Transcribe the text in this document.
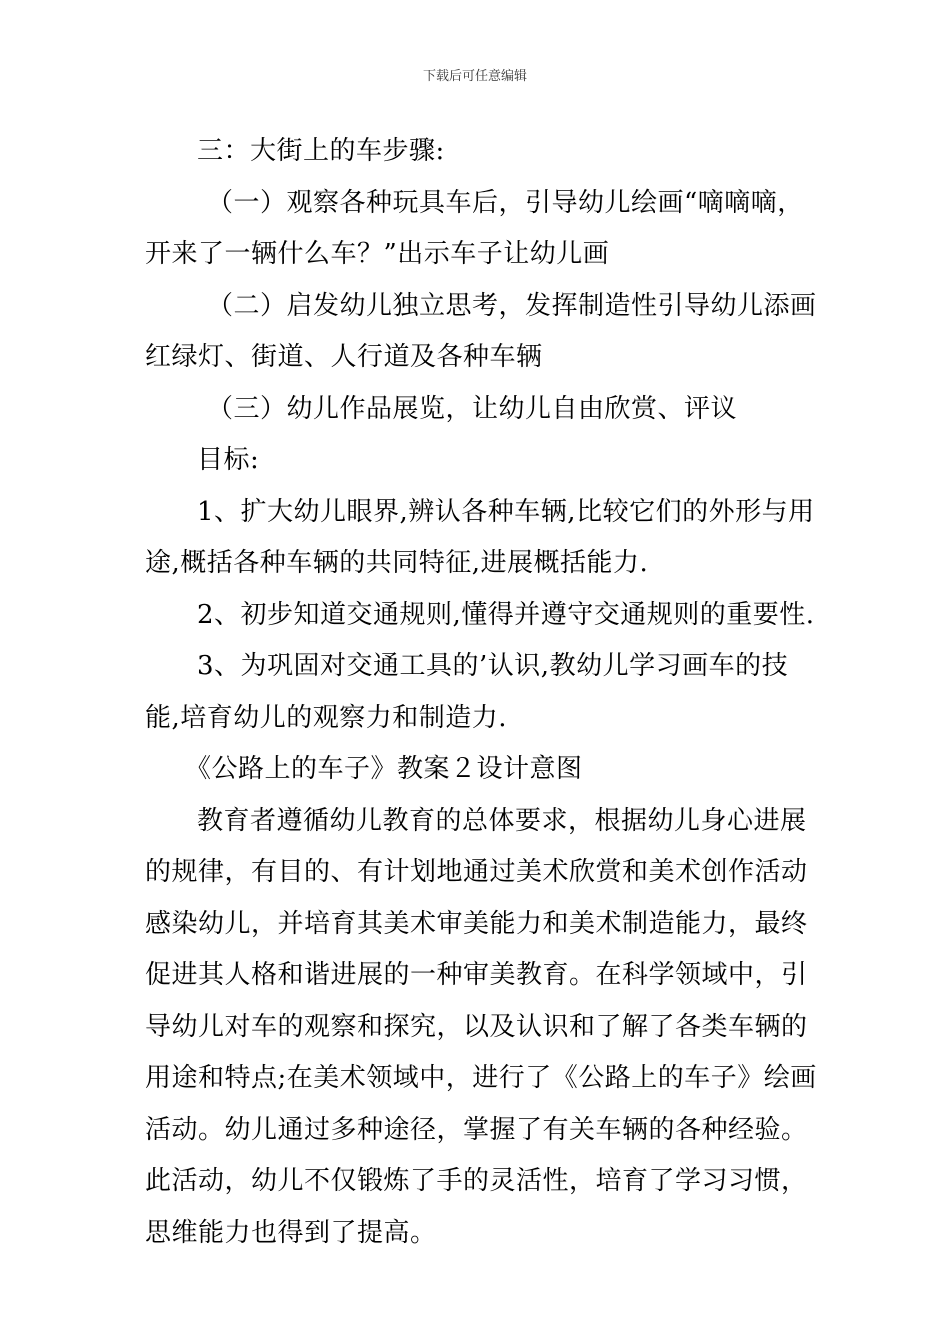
下载后可任意编辑
三：大街上的车步骤:
（一）观察各种玩具车后，引导幼儿绘画“嘀嘀嘀，
开来了一辆什么车？”出示车子让幼儿画
（二）启发幼儿独立思考，发挥制造性引导幼儿添画
红绿灯、街道、人行道及各种车辆
（三）幼儿作品展览，让幼儿自由欣赏、评议
目标:
1、扩大幼儿眼界,辨认各种车辆,比较它们的外形与用
途,概括各种车辆的共同特征,进展概括能力.
2、初步知道交通规则,懂得并遵守交通规则的重要性.
3、为巩固对交通工具的’认识,教幼儿学习画车的技
能,培育幼儿的观察力和制造力.
《公路上的车子》教案２设计意图
教育者遵循幼儿教育的总体要求，根据幼儿身心进展
的规律，有目的、有计划地通过美术欣赏和美术创作活动
感染幼儿，并培育其美术审美能力和美术制造能力，最终
促进其人格和谐进展的一种审美教育。在科学领域中，引
导幼儿对车的观察和探究，以及认识和了解了各类车辆的
用途和特点;在美术领域中，进行了《公路上的车子》绘画
活动。幼儿通过多种途径，掌握了有关车辆的各种经验。
此活动，幼儿不仅锻炼了手的灵活性，培育了学习习惯，
思维能力也得到了提高。
